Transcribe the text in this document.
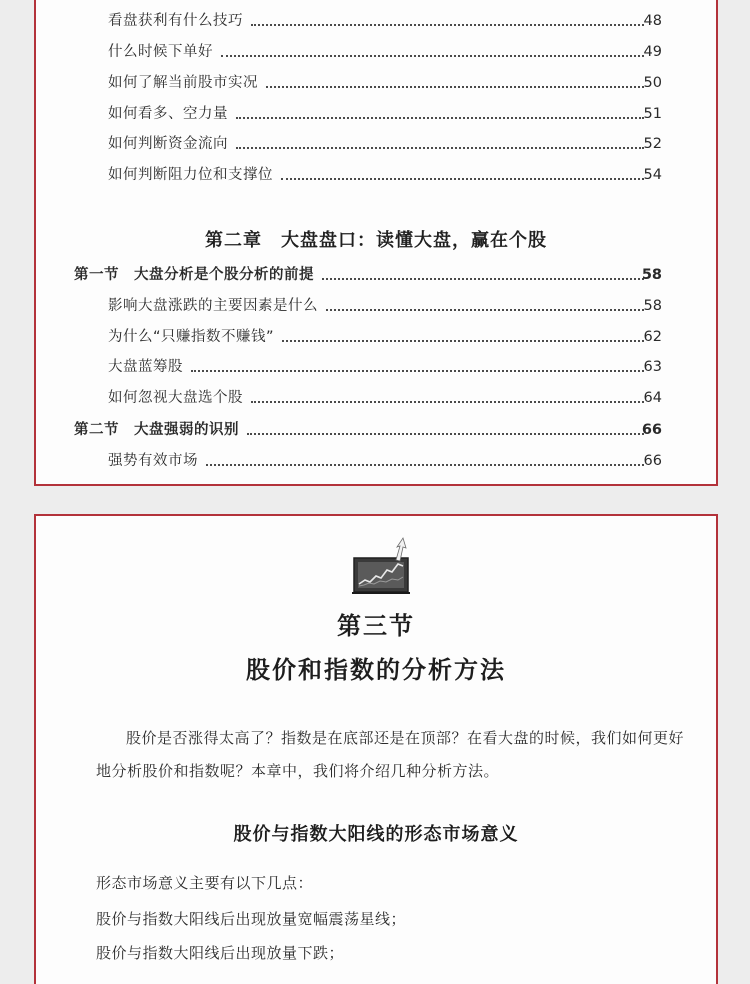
看盘获利有什么技巧	48
什么时候下单好	49
如何了解当前股市实况	50
如何看多、空力量	51
如何判断资金流向	52
如何判断阻力位和支撑位	54
第二章　大盘盘口：读懂大盘，赢在个股
第一节　大盘分析是个股分析的前提	58
影响大盘涨跌的主要因素是什么	58
为什么“只赚指数不赚钱”	62
大盘蓝筹股	63
如何忽视大盘选个股	64
第二节　大盘强弱的识别	66
强势有效市场	66
第三节
股价和指数的分析方法

股价是否涨得太高了？指数是在底部还是在顶部？在看大盘的时候，我们如何更好地分析股价和指数呢？本章中，我们将介绍几种分析方法。

股价与指数大阳线的形态市场意义
形态市场意义主要有以下几点：
股价与指数大阳线后出现放量宽幅震荡星线；
股价与指数大阳线后出现放量下跌；
